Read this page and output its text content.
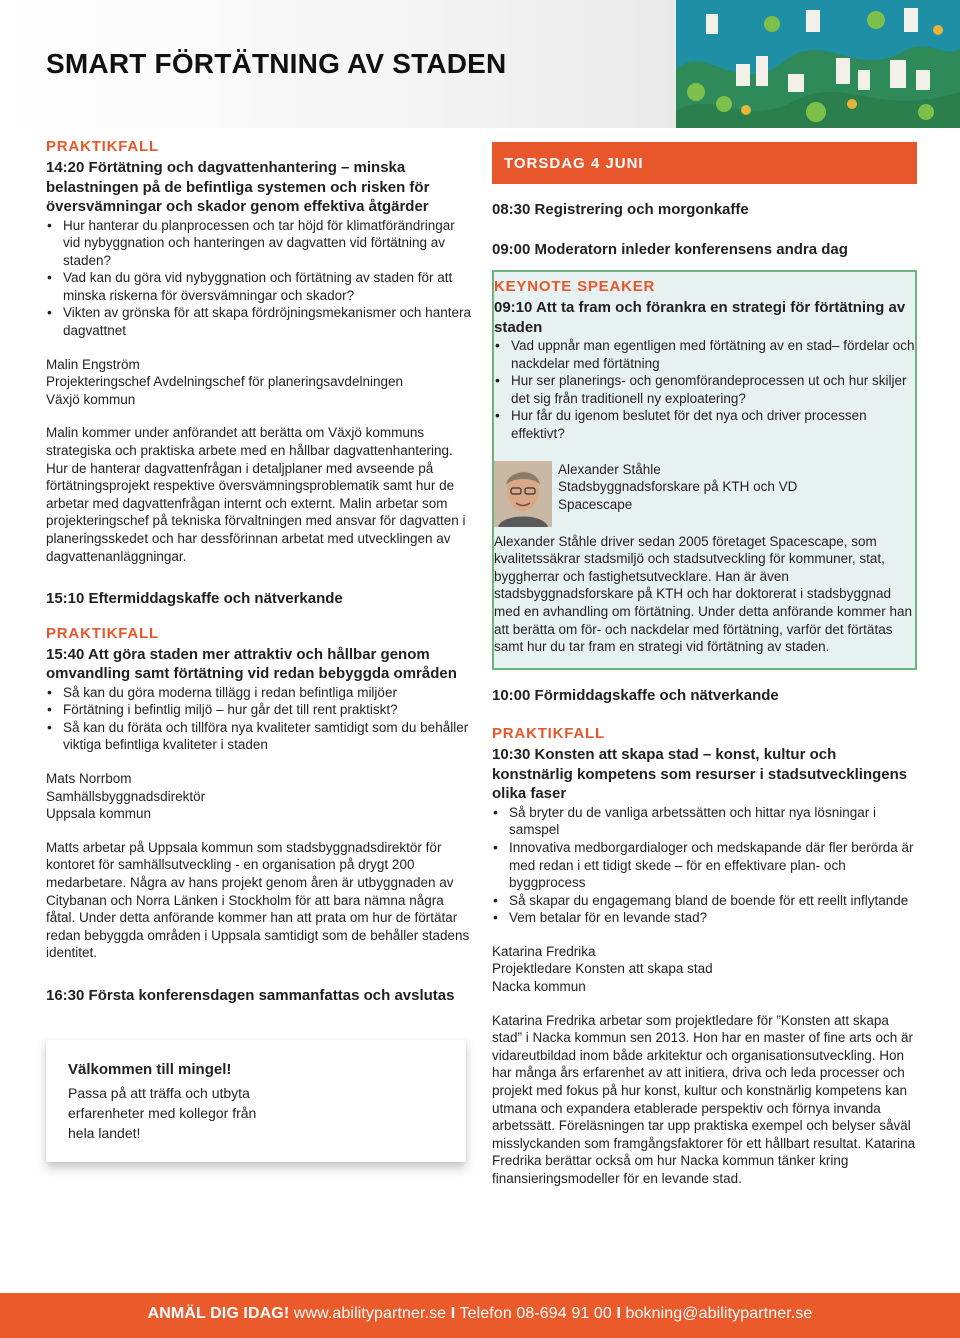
SMART FÖRTÄTNING AV STADEN
PRAKTIKFALL
14:20 Förtätning och dagvattenhantering – minska belastningen på de befintliga systemen och risken för översvämningar och skador genom effektiva åtgärder
• Hur hanterar du planprocessen och tar höjd för klimatförändringar vid nybyggnation och hanteringen av dagvatten vid förtätning av staden?
• Vad kan du göra vid nybyggnation och förtätning av staden för att minska riskerna för översvämningar och skador?
• Vikten av grönska för att skapa fördröjningsmekanismer och hantera dagvattnet
Malin Engström
Projekteringschef Avdelningschef för planeringsavdelningen
Växjö kommun
Malin kommer under anförandet att berätta om Växjö kommuns strategiska och praktiska arbete med en hållbar dagvattenhantering. Hur de hanterar dagvattenfrågan i detaljplaner med avseende på förtätningsprojekt respektive översvämningsproblematik samt hur de arbetar med dagvattenfrågan internt och externt. Malin arbetar som projekteringschef på tekniska förvaltningen med ansvar för dagvatten i planeringsskedet och har dessförinnan arbetat med utvecklingen av dagvattenanläggningar.
15:10 Eftermiddagskaffe och nätverkande
PRAKTIKFALL
15:40 Att göra staden mer attraktiv och hållbar genom omvandling samt förtätning vid redan bebyggda områden
• Så kan du göra moderna tillägg i redan befintliga miljöer
• Förtätning i befintlig miljö – hur går det till rent praktiskt?
• Så kan du föräta och tillföra nya kvaliteter samtidigt som du behåller viktiga befintliga kvaliteter i staden
Mats Norrbom
Samhällsbyggnadsdirektör
Uppsala kommun
Matts arbetar på Uppsala kommun som stadsbyggnadsdirektör för kontoret för samhällsutveckling - en organisation på drygt 200 medarbetare. Några av hans projekt genom åren är utbyggnaden av Citybanan och Norra Länken i Stockholm för att bara nämna några fåtal. Under detta anförande kommer han att prata om hur de förtätar redan bebyggda områden i Uppsala samtidigt som de behåller stadens identitet.
16:30 Första konferensdagen sammanfattas och avslutas
Välkommen till mingel!
Passa på att träffa och utbyta erfarenheter med kollegor från hela landet!
TORSDAG 4 JUNI
08:30 Registrering och morgonkaffe
09:00 Moderatorn inleder konferensens andra dag
KEYNOTE SPEAKER
09:10 Att ta fram och förankra en strategi för förtätning av staden
• Vad uppnår man egentligen med förtätning av en stad– fördelar och nackdelar med förtätning
• Hur ser planerings- och genomförandeprocessen ut och hur skiljer det sig från traditionell ny exploatering?
• Hur får du igenom beslutet för det nya och driver processen effektivt?
Alexander Ståhle
Stadsbyggnadsforskare på KTH och VD
Spacescape
Alexander Ståhle driver sedan 2005 företaget Spacescape, som kvalitetssäkrar stadsmiljö och stadsutveckling för kommuner, stat, byggherrar och fastighetsutvecklare. Han är även stadsbyggnadsforskare på KTH och har doktorerat i stadsbyggnad med en avhandling om förtätning. Under detta anförande kommer han att berätta om för- och nackdelar med förtätning, varför det förtätas samt hur du tar fram en strategi vid förtätning av staden.
10:00 Förmiddagskaffe och nätverkande
PRAKTIKFALL
10:30 Konsten att skapa stad – konst, kultur och konstnärlig kompetens som resurser i stadsutvecklingens olika faser
• Så bryter du de vanliga arbetssätten och hittar nya lösningar i samspel
• Innovativa medborgardialoger och medskapande där fler berörda är med redan i ett tidigt skede – för en effektivare plan- och byggprocess
• Så skapar du engagemang bland de boende för ett reellt inflytande
• Vem betalar för en levande stad?
Katarina Fredrika
Projektledare Konsten att skapa stad
Nacka kommun
Katarina Fredrika arbetar som projektledare för ”Konsten att skapa stad” i Nacka kommun sen 2013. Hon har en master of fine arts och är vidareutbildad inom både arkitektur och organisationsutveckling. Hon har många års erfarenhet av att initiera, driva och leda processer och projekt med fokus på hur konst, kultur och konstnärlig kompetens kan utmana och expandera etablerade perspektiv och förnya invanda arbetssätt. Föreläsningen tar upp praktiska exempel och belyser såväl misslyckanden som framgångsfaktorer för ett hållbart resultat. Katarina Fredrika berättar också om hur Nacka kommun tänker kring finansieringsmodeller för en levande stad.
ANMÄL DIG IDAG! www.abilitypartner.se I Telefon 08-694 91 00 I bokning@abilitypartner.se
